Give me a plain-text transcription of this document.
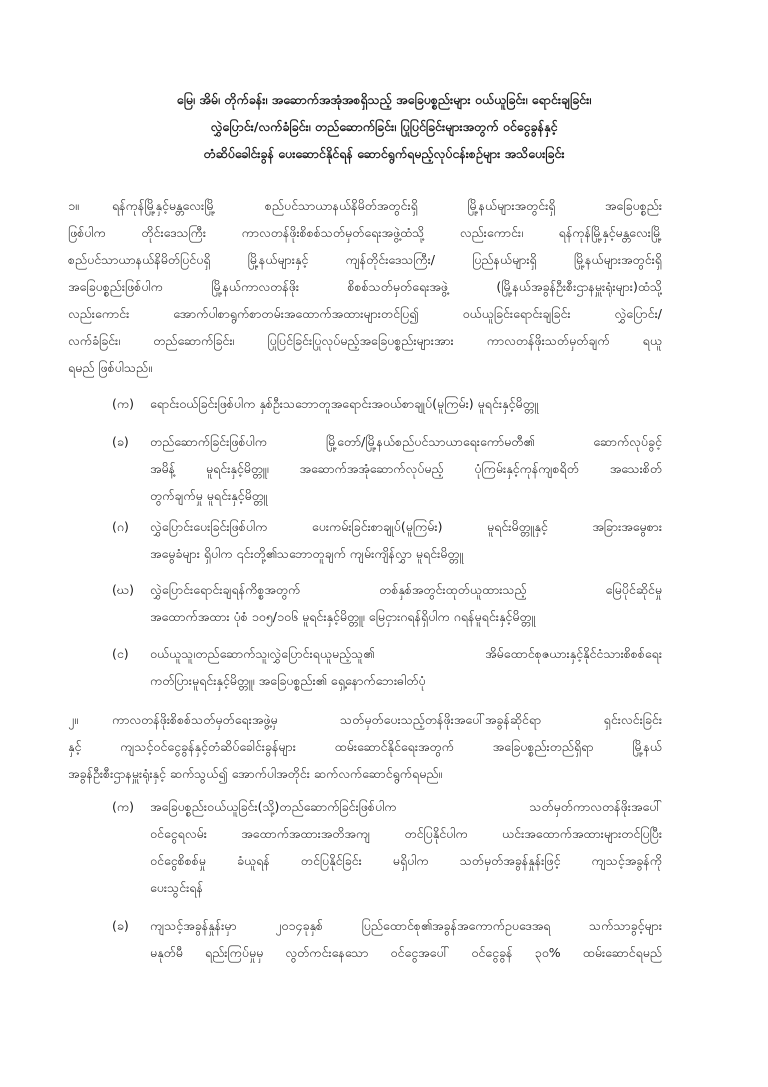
မြေ၊ အိမ်၊ တိုက်ခန်း၊ အဆောက်အအုံအစရှိသည့် အခြေပစ္စည်းများ ဝယ်ယူခြင်း၊ ရောင်းချခြင်း၊
လွှဲပြောင်း/လက်ခံခြင်း၊ တည်ဆောက်ခြင်း၊ ပြုပြင်ခြင်းများအတွက် ဝင်ငွေခွန်နှင့်
တံဆိပ်ခေါင်းခွန် ပေးဆောင်နိုင်ရန် ဆောင်ရွက်ရမည့်လုပ်ငန်းစဉ်များ အသိပေးခြင်း
၁။	ရန်ကုန်မြို့နှင့်မန္တလေးမြို့ စည်ပင်သာယာနယ်နိမိတ်အတွင်းရှိ မြို့နယ်များအတွင်းရှိ အခြေပစ္စည်း
ဖြစ်ပါက တိုင်းဒေသကြီး ကာလတန်ဖိုးစိစစ်သတ်မှတ်ရေးအဖွဲ့ထံသို့ လည်းကောင်း၊ ရန်ကုန်မြို့နှင့်မန္တလေးမြို့
စည်ပင်သာယာနယ်နိမိတ်ပြင်ပရှိ မြို့နယ်များနှင့် ကျန်တိုင်းဒေသကြီး/ ပြည်နယ်များရှိ မြို့နယ်များအတွင်းရှိ
အခြေပစ္စည်းဖြစ်ပါက မြို့နယ်ကာလတန်ဖိုး စိစစ်သတ်မှတ်ရေးအဖွဲ့ (မြို့နယ်အခွန်ဦးစီးဌာနမှူးရုံးများ)ထံသို့
လည်းကောင်း အောက်ပါစာရွက်စာတမ်းအထောက်အထားများတင်ပြ၍ ဝယ်ယူခြင်းရောင်းချခြင်း လွှဲပြောင်း/
လက်ခံခြင်း၊ တည်ဆောက်ခြင်း၊ ပြုပြင်ခြင်းပြုလုပ်မည့်အခြေပစ္စည်းများအား ကာလတန်ဖိုးသတ်မှတ်ချက် ရယူ
ရမည် ဖြစ်ပါသည်။
(က) ရောင်းဝယ်ခြင်းဖြစ်ပါက နှစ်ဦးသဘောတူအရောင်းအဝယ်စာချုပ်(မူကြမ်း) မူရင်းနှင့်မိတ္တူ
(ခ) တည်ဆောက်ခြင်းဖြစ်ပါက မြို့တော်/မြို့နယ်စည်ပင်သာယာရေးကော်မတီ၏ ဆောက်လုပ်ခွင့်
အမိန့် မူရင်းနှင့်မိတ္တူ၊ အဆောက်အအုံဆောက်လုပ်မည့် ပုံကြမ်းနှင့်ကုန်ကျစရိတ် အသေးစိတ်
တွက်ချက်မှု မူရင်းနှင့်မိတ္တူ
(ဂ) လွှဲပြောင်းပေးခြင်းဖြစ်ပါက ပေးကမ်းခြင်းစာချုပ်(မူကြမ်း) မူရင်းမိတ္တူနှင့် အခြားအမွေစား
အမွေခံများ ရှိပါက ၎င်းတို့၏သဘောတူချက် ကျမ်းကျိန်လွှာ မူရင်းမိတ္တူ
(ဃ) လွှဲပြောင်းရောင်းချရန်ကိစ္စအတွက် တစ်နှစ်အတွင်းထုတ်ယူထားသည့် မြေပိုင်ဆိုင်မှု
အထောက်အထား ပုံစံ ၁၀၅/၁၀၆ မူရင်းနှင့်မိတ္တူ၊ မြေငှားဂရန်ရှိပါက ဂရန်မူရင်းနှင့်မိတ္တူ
(င) ဝယ်ယူသူ၊တည်ဆောက်သူ၊လွှဲပြောင်းရယူမည့်သူ၏ အိမ်ထောင်စုဇယားနှင့်နိုင်ငံသားစိစစ်ရေး
ကတ်ပြားမူရင်းနှင့်မိတ္တူ၊ အခြေပစ္စည်း၏ ရှေ့နောက်ဘေးဓါတ်ပုံ
၂။	ကာလတန်ဖိုးစိစစ်သတ်မှတ်ရေးအဖွဲ့မှ သတ်မှတ်ပေးသည့်တန်ဖိုးအပေါ်အခွန်ဆိုင်ရာ ရှင်းလင်းခြင်း
နှင့် ကျသင့်ဝင်ငွေခွန်နှင့်တံဆိပ်ခေါင်းခွန်များ ထမ်းဆောင်နိုင်ရေးအတွက် အခြေပစ္စည်းတည်ရှိရာ မြို့နယ်
အခွန်ဦးစီးဌာနမှူးရုံးနှင့် ဆက်သွယ်၍ အောက်ပါအတိုင်း ဆက်လက်ဆောင်ရွက်ရမည်။
(က) အခြေပစ္စည်းဝယ်ယူခြင်း(သို့)တည်ဆောက်ခြင်းဖြစ်ပါက သတ်မှတ်ကာလတန်ဖိုးအပေါ်
ဝင်ငွေရလမ်း အထောက်အထားအတိအကျ တင်ပြနိုင်ပါက ယင်းအထောက်အထားများတင်ပြပြီး
ဝင်ငွေစိစစ်မှု ခံယူရန် တင်ပြနိုင်ခြင်း မရှိပါက သတ်မှတ်အခွန်နှုန်းဖြင့် ကျသင့်အခွန်ကို
ပေးသွင်းရန်
(ခ) ကျသင့်အခွန်နှုန်းမှာ ၂၀၁၄ခုနှစ် ပြည်ထောင်စု၏အခွန်အကောက်ဥပဒေအရ သက်သာခွင့်များ
မနုတ်မီ ရည်းကြပ်မှုမှ လွတ်ကင်းနေသော ဝင်ငွေအပေါ် ဝင်ငွေခွန် ၃၀% ထမ်းဆောင်ရမည်
